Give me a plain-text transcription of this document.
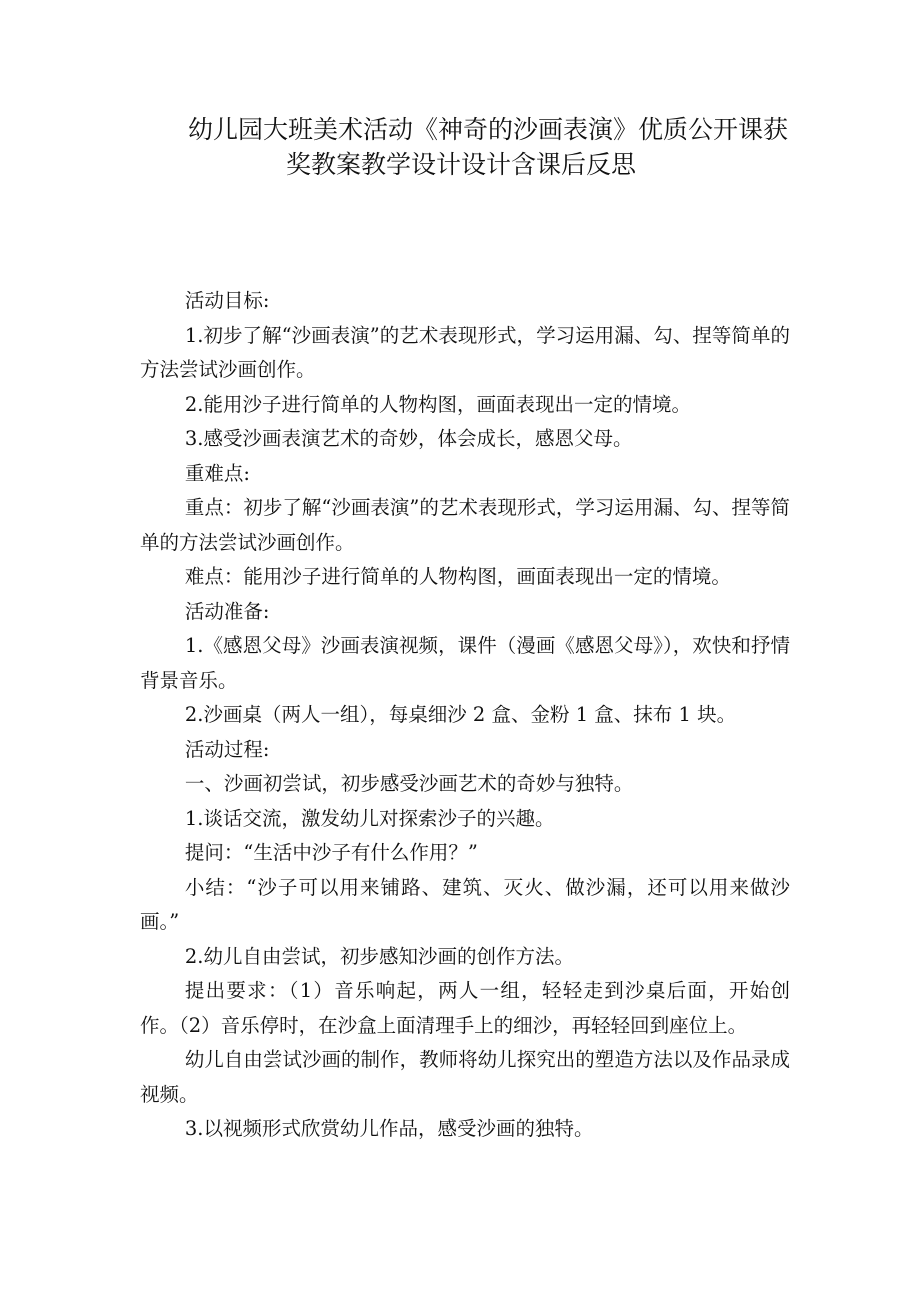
幼儿园大班美术活动《神奇的沙画表演》优质公开课获
奖教案教学设计设计含课后反思

活动目标:

1.初步了解“沙画表演”的艺术表现形式，学习运用漏、勾、捏等简单的方法尝试沙画创作。

2.能用沙子进行简单的人物构图，画面表现出一定的情境。

3.感受沙画表演艺术的奇妙，体会成长，感恩父母。

重难点:

重点：初步了解“沙画表演”的艺术表现形式，学习运用漏、勾、捏等简单的方法尝试沙画创作。

难点：能用沙子进行简单的人物构图，画面表现出一定的情境。

活动准备:

1.《感恩父母》沙画表演视频，课件（漫画《感恩父母》），欢快和抒情背景音乐。

2.沙画桌（两人一组），每桌细沙 2 盒、金粉 1 盒、抹布 1 块。

活动过程:

一、沙画初尝试，初步感受沙画艺术的奇妙与独特。

1.谈话交流，激发幼儿对探索沙子的兴趣。

提问：“生活中沙子有什么作用？”

小结：“沙子可以用来铺路、建筑、灭火、做沙漏，还可以用来做沙画。”

2.幼儿自由尝试，初步感知沙画的创作方法。

提出要求：（1）音乐响起，两人一组，轻轻走到沙桌后面，开始创作。（2）音乐停时，在沙盒上面清理手上的细沙，再轻轻回到座位上。

幼儿自由尝试沙画的制作，教师将幼儿探究出的塑造方法以及作品录成视频。

3.以视频形式欣赏幼儿作品，感受沙画的独特。
